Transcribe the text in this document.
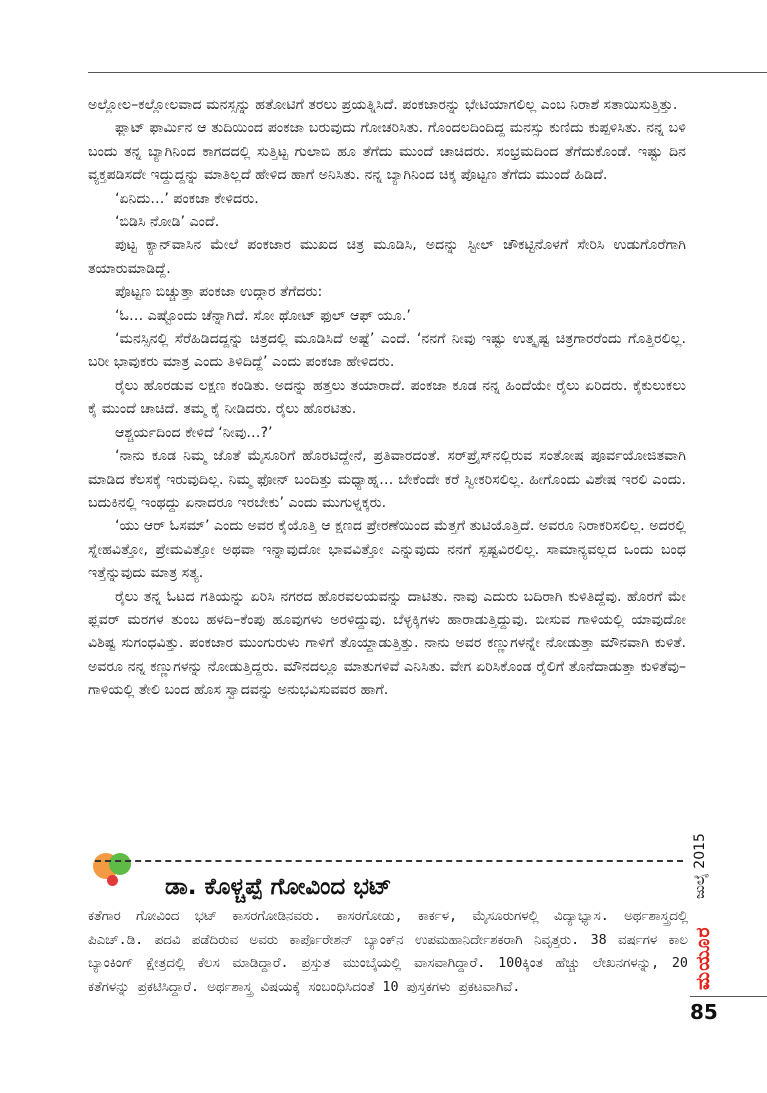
ಅಲ್ಲೋಲ–ಕಲ್ಲೋಲವಾದ ಮನಸ್ಸನ್ನು ಹತೋಟಿಗೆ ತರಲು ಪ್ರಯತ್ನಿಸಿದೆ. ಪಂಕಜಾರನ್ನು ಭೇಟಿಯಾಗಲಿಲ್ಲ ಎಂಬ ನಿರಾಶೆ ಸತಾಯಿಸುತ್ತಿತ್ತು.

ಫ್ಲಾಟ್ ಫಾರ್ಮಿನ ಆ ತುದಿಯಿಂದ ಪಂಕಜಾ ಬರುವುದು ಗೋಚರಿಸಿತು. ಗೊಂದಲದಿಂದಿದ್ದ ಮನಸ್ಸು ಕುಣಿದು ಕುಪ್ಪಳಿಸಿತು. ನನ್ನ ಬಳಿ ಬಂದು ತನ್ನ ಬ್ಯಾಗಿನಿಂದ ಕಾಗದದಲ್ಲಿ ಸುತ್ತಿಟ್ಟ ಗುಲಾಬಿ ಹೂ ತೆಗೆದು ಮುಂದೆ ಚಾಚಿದರು. ಸಂಭ್ರಮದಿಂದ ತೆಗೆದುಕೊಂಡೆ. ಇಷ್ಟು ದಿನ ವ್ಯಕ್ತಪಡಿಸದೇ ಇದ್ದುದ್ದನ್ನು ಮಾತಿಲ್ಲದೆ ಹೇಳಿದ ಹಾಗೆ ಅನಿಸಿತು. ನನ್ನ ಬ್ಯಾಗಿನಿಂದ ಚಿಕ್ಕ ಪೊಟ್ಟಣ ತೆಗೆದು ಮುಂದೆ ಹಿಡಿದೆ.

‘ಏನಿದು…’ ಪಂಕಜಾ ಕೇಳಿದರು.

‘ಬಿಡಿಸಿ ನೋಡಿ’ ಎಂದೆ.

ಪುಟ್ಟ ಕ್ಯಾನ್‌ವಾಸಿನ ಮೇಲೆ ಪಂಕಜಾರ ಮುಖದ ಚಿತ್ರ ಮೂಡಿಸಿ, ಅದನ್ನು ಸ್ಟೀಲ್ ಚೌಕಟ್ಟಿನೊಳಗೆ ಸೇರಿಸಿ ಉಡುಗೊರೆಗಾಗಿ ತಯಾರುಮಾಡಿದ್ದೆ.

ಪೊಟ್ಟಣ ಬಿಚ್ಚುತ್ತಾ ಪಂಕಜಾ ಉದ್ಗಾರ ತೆಗೆದರು:

‘ಓ… ಎಷ್ಟೊಂದು ಚೆನ್ನಾಗಿದೆ. ಸೋ ಥೋಟ್ ಫುಲ್ ಆಫ್ ಯೂ.’

‘ಮನಸ್ಸಿನಲ್ಲಿ ಸೆರೆಹಿಡಿದದ್ದನ್ನು ಚಿತ್ರದಲ್ಲಿ ಮೂಡಿಸಿದೆ ಅಷ್ಟೆ’ ಎಂದೆ. ‘ನನಗೆ ನೀವು ಇಷ್ಟು ಉತ್ಕೃಷ್ಟ ಚಿತ್ರಗಾರರೆಂದು ಗೊತ್ತಿರಲಿಲ್ಲ. ಬರೀ ಭಾವುಕರು ಮಾತ್ರ ಎಂದು ತಿಳಿದಿದ್ದೆ’ ಎಂದು ಪಂಕಜಾ ಹೇಳಿದರು.

ರೈಲು ಹೊರಡುವ ಲಕ್ಷಣ ಕಂಡಿತು. ಅದನ್ನು ಹತ್ತಲು ತಯಾರಾದೆ. ಪಂಕಜಾ ಕೂಡ ನನ್ನ ಹಿಂದೆಯೇ ರೈಲು ಏರಿದರು. ಕೈಕುಲುಕಲು ಕೈ ಮುಂದೆ ಚಾಚಿದೆ. ತಮ್ಮ ಕೈ ನೀಡಿದರು. ರೈಲು ಹೊರಟಿತು.

ಆಶ್ಚರ್ಯದಿಂದ ಕೇಳಿದೆ ‘ನೀವು…?’

‘ನಾನು ಕೂಡ ನಿಮ್ಮ ಜೊತೆ ಮೈಸೂರಿಗೆ ಹೊರಟಿದ್ದೇನೆ, ಪ್ರತಿವಾರದಂತೆ. ಸರ್‌ಪ್ರೈಸ್‌ನಲ್ಲಿರುವ ಸಂತೋಷ ಪೂರ್ವಯೋಜಿತವಾಗಿ ಮಾಡಿದ ಕೆಲಸಕ್ಕೆ ಇರುವುದಿಲ್ಲ. ನಿಮ್ಮ ಫೋನ್ ಬಂದಿತ್ತು ಮಧ್ಯಾಹ್ನ… ಬೇಕೆಂದೇ ಕರೆ ಸ್ವೀಕರಿಸಲಿಲ್ಲ. ಹೀಗೊಂದು ವಿಶೇಷ ಇರಲಿ ಎಂದು. ಬದುಕಿನಲ್ಲಿ ಇಂಥದ್ದು ಏನಾದರೂ ಇರಬೇಕು’ ಎಂದು ಮುಗುಳ್ನಕ್ಕರು.

‘ಯು ಆರ್ ಓಸಮ್’ ಎಂದು ಅವರ ಕೈಯೊತ್ತಿ ಆ ಕ್ಷಣದ ಪ್ರೇರಣೆಯಿಂದ ಮೆತ್ತಗೆ ತುಟಿಯೊತ್ತಿದೆ. ಅವರೂ ನಿರಾಕರಿಸಲಿಲ್ಲ. ಅದರಲ್ಲಿ ಸ್ನೇಹವಿತ್ತೋ, ಪ್ರೇಮವಿತ್ತೋ ಅಥವಾ ಇನ್ನಾವುದೋ ಭಾವವಿತ್ತೋ ಎನ್ನುವುದು ನನಗೆ ಸ್ಪಷ್ಟವಿರಲಿಲ್ಲ. ಸಾಮಾನ್ಯವಲ್ಲದ ಒಂದು ಬಂಧ ಇತ್ತೆನ್ನುವುದು ಮಾತ್ರ ಸತ್ಯ.

ರೈಲು ತನ್ನ ಓಟದ ಗತಿಯನ್ನು ಏರಿಸಿ ನಗರದ ಹೊರವಲಯವನ್ನು ದಾಟಿತು. ನಾವು ಎದುರು ಬದಿರಾಗಿ ಕುಳಿತಿದ್ದೆವು. ಹೊರಗೆ ಮೇ ಫ್ಲವರ್ ಮರಗಳ ತುಂಬ ಹಳದಿ–ಕೆಂಪು ಹೂವುಗಳು ಅರಳಿದ್ದುವು. ಬೆಳ್ಳಕ್ಕಿಗಳು ಹಾರಾಡುತ್ತಿದ್ದುವು. ಬೀಸುವ ಗಾಳಿಯಲ್ಲಿ ಯಾವುದೋ ವಿಶಿಷ್ಟ ಸುಗಂಧವಿತ್ತು. ಪಂಕಜಾರ ಮುಂಗುರುಳು ಗಾಳಿಗೆ ತೊಯ್ದಾಡುತ್ತಿತ್ತು. ನಾನು ಅವರ ಕಣ್ಣುಗಳನ್ನೇ ನೋಡುತ್ತಾ ಮೌನವಾಗಿ ಕುಳಿತೆ. ಅವರೂ ನನ್ನ ಕಣ್ಣುಗಳನ್ನು ನೋಡುತ್ತಿದ್ದರು. ಮೌನದಲ್ಲೂ ಮಾತುಗಳಿವೆ ಎನಿಸಿತು. ವೇಗ ಏರಿಸಿಕೊಂಡ ರೈಲಿಗೆ ತೊನೆದಾಡುತ್ತಾ ಕುಳಿತೆವು– ಗಾಳಿಯಲ್ಲಿ ತೇಲಿ ಬಂದ ಹೊಸ ಸ್ವಾದವನ್ನು ಅನುಭವಿಸುವವರ ಹಾಗೆ.

ಡಾ. ಕೊಳ್ಚಪ್ಪೆ ಗೋವಿಂದ ಭಟ್

ಕತೆಗಾರ ಗೋವಿಂದ ಭಟ್ ಕಾಸರಗೋಡಿನವರು. ಕಾಸರಗೋಡು, ಕಾರ್ಕಳ, ಮೈಸೂರುಗಳಲ್ಲಿ ವಿದ್ಯಾಭ್ಯಾಸ. ಅರ್ಥಶಾಸ್ತ್ರದಲ್ಲಿ ಪಿಎಚ್.ಡಿ. ಪದವಿ ಪಡೆದಿರುವ ಅವರು ಕಾರ್ಪೊರೇಶನ್ ಬ್ಯಾಂಕ್‌ನ ಉಪಮಹಾನಿರ್ದೇಶಕರಾಗಿ ನಿವೃತ್ತರು. 38 ವರ್ಷಗಳ ಕಾಲ ಬ್ಯಾಂಕಿಂಗ್ ಕ್ಷೇತ್ರದಲ್ಲಿ ಕೆಲಸ ಮಾಡಿದ್ದಾರೆ. ಪ್ರಸ್ತುತ ಮುಂಬೈಯಲ್ಲಿ ವಾಸವಾಗಿದ್ದಾರೆ. 100ಕ್ಕಿಂತ ಹೆಚ್ಚು ಲೇಖನಗಳನ್ನು, 20 ಕತೆಗಳನ್ನು ಪ್ರಕಟಿಸಿದ್ದಾರೆ. ಅರ್ಥಶಾಸ್ತ್ರ ವಿಷಯಕ್ಕೆ ಸಂಬಂಧಿಸಿದಂತೆ 10 ಪುಸ್ತಕಗಳು ಪ್ರಕಟವಾಗಿವೆ.

ಜುಲೈ 2015
ಮಯೂರ
85
